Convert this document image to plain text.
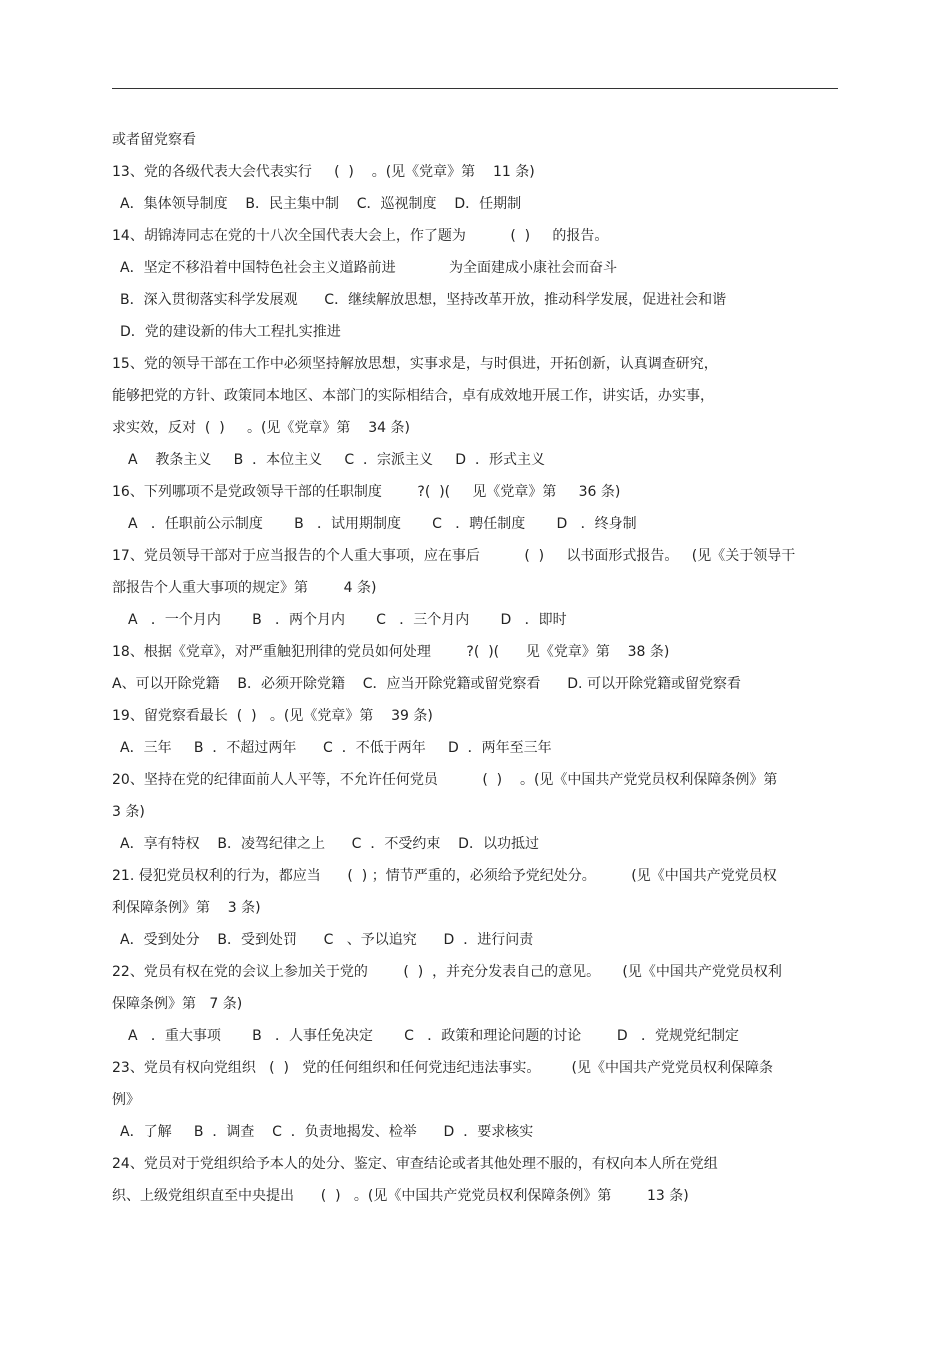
或者留党察看
13、党的各级代表大会代表实行     (  )    。(见《党章》第    11 条)
A．集体领导制度    B．民主集中制    C．巡视制度    D．任期制
14、胡锦涛同志在党的十八次全国代表大会上，作了题为          (  )     的报告。
A．坚定不移沿着中国特色社会主义道路前进            为全面建成小康社会而奋斗
B．深入贯彻落实科学发展观      C．继续解放思想，坚持改革开放，推动科学发展，促进社会和谐
D．党的建设新的伟大工程扎实推进
15、党的领导干部在工作中必须坚持解放思想，实事求是，与时俱进，开拓创新，认真调查研究，
能够把党的方针、政策同本地区、本部门的实际相结合，卓有成效地开展工作，讲实话，办实事，
求实效，反对  (  )     。(见《党章》第    34 条)
A    教条主义     B  ．本位主义     C  ．宗派主义     D  ．形式主义
16、下列哪项不是党政领导干部的任职制度        ?(  )(     见《党章》第     36 条)
A   ．任职前公示制度       B   ．试用期制度       C   ．聘任制度       D   ．终身制
17、党员领导干部对于应当报告的个人重大事项，应在事后          (  )     以书面形式报告。   (见《关于领导干
部报告个人重大事项的规定》第        4 条)
A   ．一个月内       B   ．两个月内       C   ．三个月内       D   ．即时
18、根据《党章》，对严重触犯刑律的党员如何处理        ?(  )(      见《党章》第    38 条)
A、可以开除党籍    B．必须开除党籍    C．应当开除党籍或留党察看      D. 可以开除党籍或留党察看
19、留党察看最长  (  )   。(见《党章》第    39 条)
A．三年     B  ．不超过两年      C  ．不低于两年     D  ．两年至三年
20、坚持在党的纪律面前人人平等，不允许任何党员          (  )    。(见《中国共产党党员权利保障条例》第
3 条)
A．享有特权    B．凌驾纪律之上      C  ．不受约束    D．以功抵过
21. 侵犯党员权利的行为，都应当      (  ) ；情节严重的，必须给予党纪处分。        (见《中国共产党党员权
利保障条例》第    3 条)
A．受到处分    B．受到处罚      C   、予以追究      D  ．进行问责
22、党员有权在党的会议上参加关于党的        (  )  ，并充分发表自己的意见。     (见《中国共产党党员权利
保障条例》第   7 条)
A   ．重大事项       B   ．人事任免决定       C   ．政策和理论问题的讨论        D   ．党规党纪制定
23、党员有权向党组织   (  )   党的任何组织和任何党违纪违法事实。       (见《中国共产党党员权利保障条
例》
A．了解     B  ．调查    C  ．负责地揭发、检举      D  ．要求核实
24、党员对于党组织给予本人的处分、鉴定、审查结论或者其他处理不服的，有权向本人所在党组
织、上级党组织直至中央提出      (  )   。(见《中国共产党党员权利保障条例》第        13 条)
